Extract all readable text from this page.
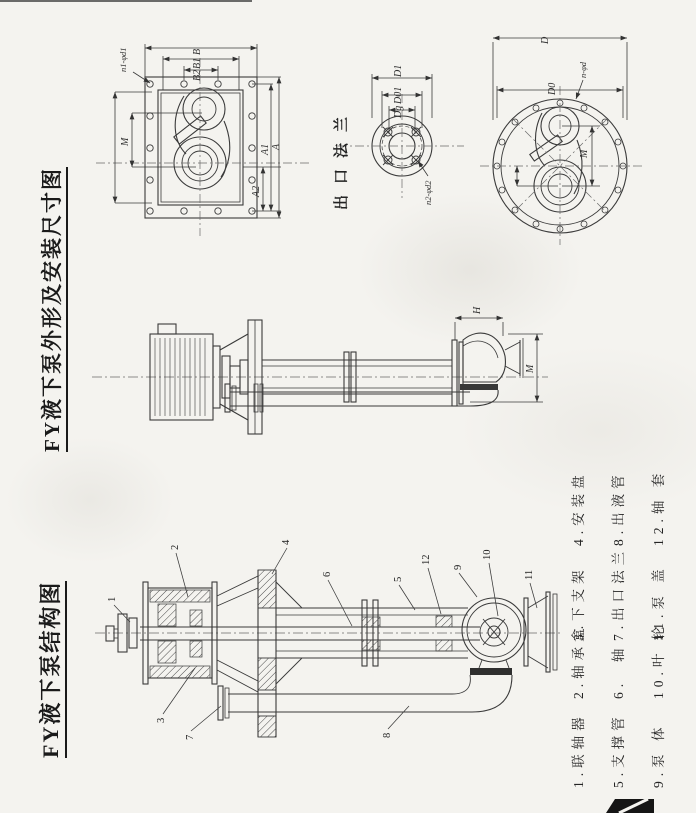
FY液下泵外形及安装尺寸图
FY液下泵结构图
出口法兰
B
B1
B2
M
A2
A1 A
n1-φd1	D1
D01
Dg
n2-φd2
D
D0
M
n-φd
H
M
1
2
3
4
5
6
7	8
9
10
11
12
1.联轴器
2.轴承盒
3.下支架
4.安装盘
5.支撑管
6.  轴
7.出口法兰
8.出液管
9.泵 体
10.叶 轮
11.泵 盖
12.轴 套
